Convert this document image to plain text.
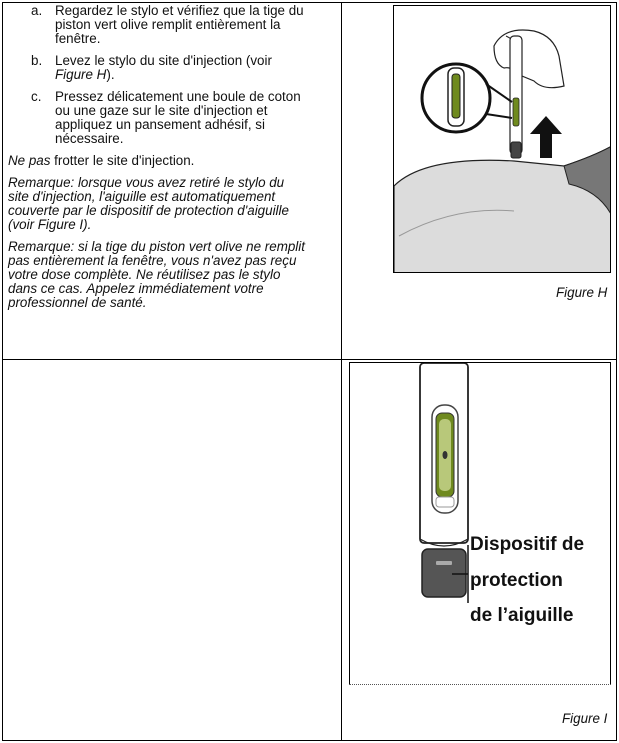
a. Regardez le stylo et vérifiez que la tige du
piston vert olive remplit entièrement la
fenêtre.
b. Levez le stylo du site d'injection (voir
Figure H).
c. Pressez délicatement une boule de coton
ou une gaze sur le site d'injection et
appliquez un pansement adhésif, si
nécessaire.

Ne pas frotter le site d'injection.

Remarque: lorsque vous avez retiré le stylo du
site d'injection, l'aiguille est automatiquement
couverte par le dispositif de protection d'aiguille
(voir Figure I).

Remarque: si la tige du piston vert olive ne remplit
pas entièrement la fenêtre, vous n'avez pas reçu
votre dose complète. Ne réutilisez pas le stylo
dans ce cas. Appelez immédiatement votre
professionnel de santé.

Figure H
Dispositif de
protection
de l’aiguille
Figure I
